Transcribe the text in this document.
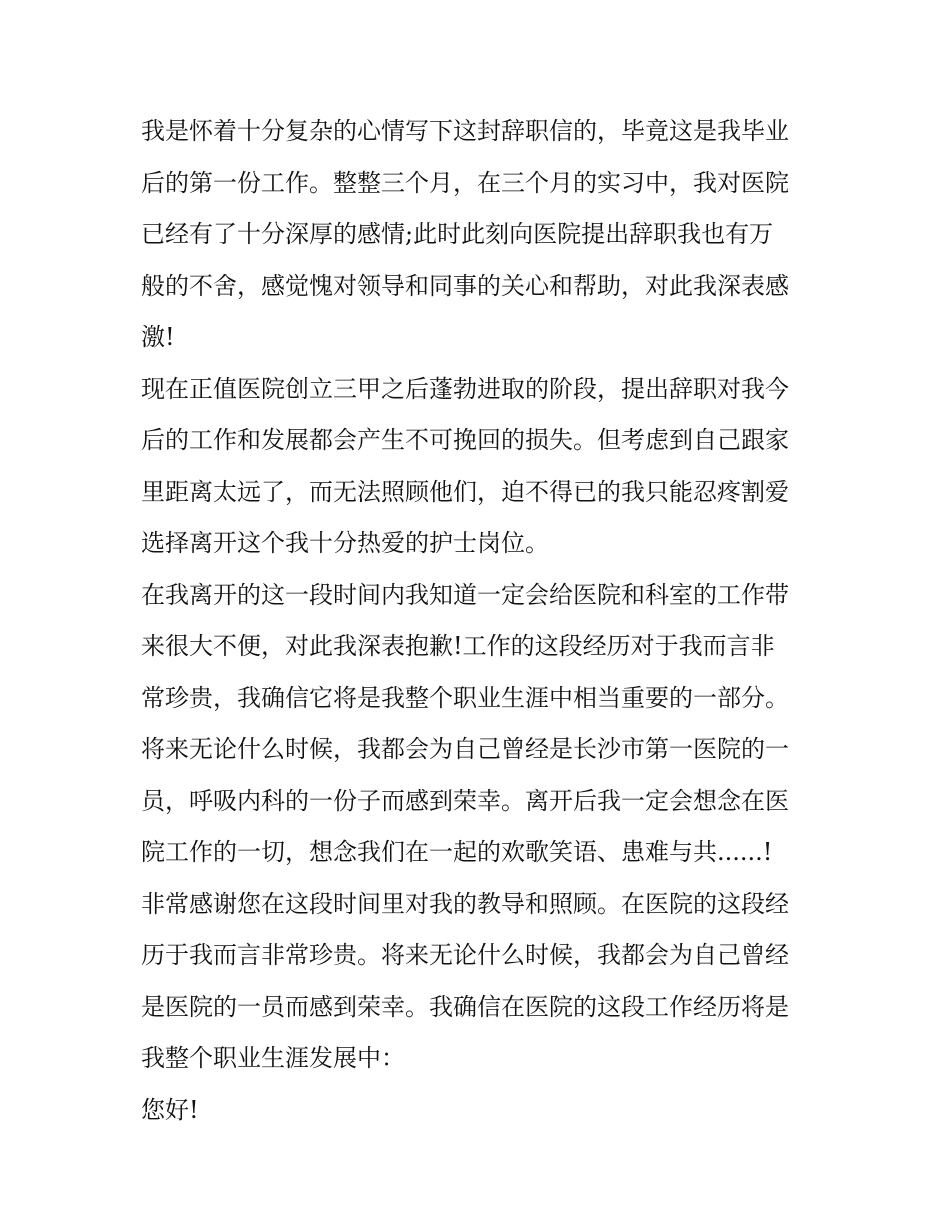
我是怀着十分复杂的心情写下这封辞职信的，毕竟这是我毕业
后的第一份工作。整整三个月，在三个月的实习中，我对医院
已经有了十分深厚的感情;此时此刻向医院提出辞职我也有万
般的不舍，感觉愧对领导和同事的关心和帮助，对此我深表感
激!

现在正值医院创立三甲之后蓬勃进取的阶段，提出辞职对我今
后的工作和发展都会产生不可挽回的损失。但考虑到自己跟家
里距离太远了，而无法照顾他们，迫不得已的我只能忍疼割爱
选择离开这个我十分热爱的护士岗位。

在我离开的这一段时间内我知道一定会给医院和科室的工作带
来很大不便，对此我深表抱歉!工作的这段经历对于我而言非
常珍贵，我确信它将是我整个职业生涯中相当重要的一部分。
将来无论什么时候，我都会为自己曾经是长沙市第一医院的一
员，呼吸内科的一份子而感到荣幸。离开后我一定会想念在医
院工作的一切，想念我们在一起的欢歌笑语、患难与共......!

非常感谢您在这段时间里对我的教导和照顾。在医院的这段经
历于我而言非常珍贵。将来无论什么时候，我都会为自己曾经
是医院的一员而感到荣幸。我确信在医院的这段工作经历将是
我整个职业生涯发展中：

您好!
